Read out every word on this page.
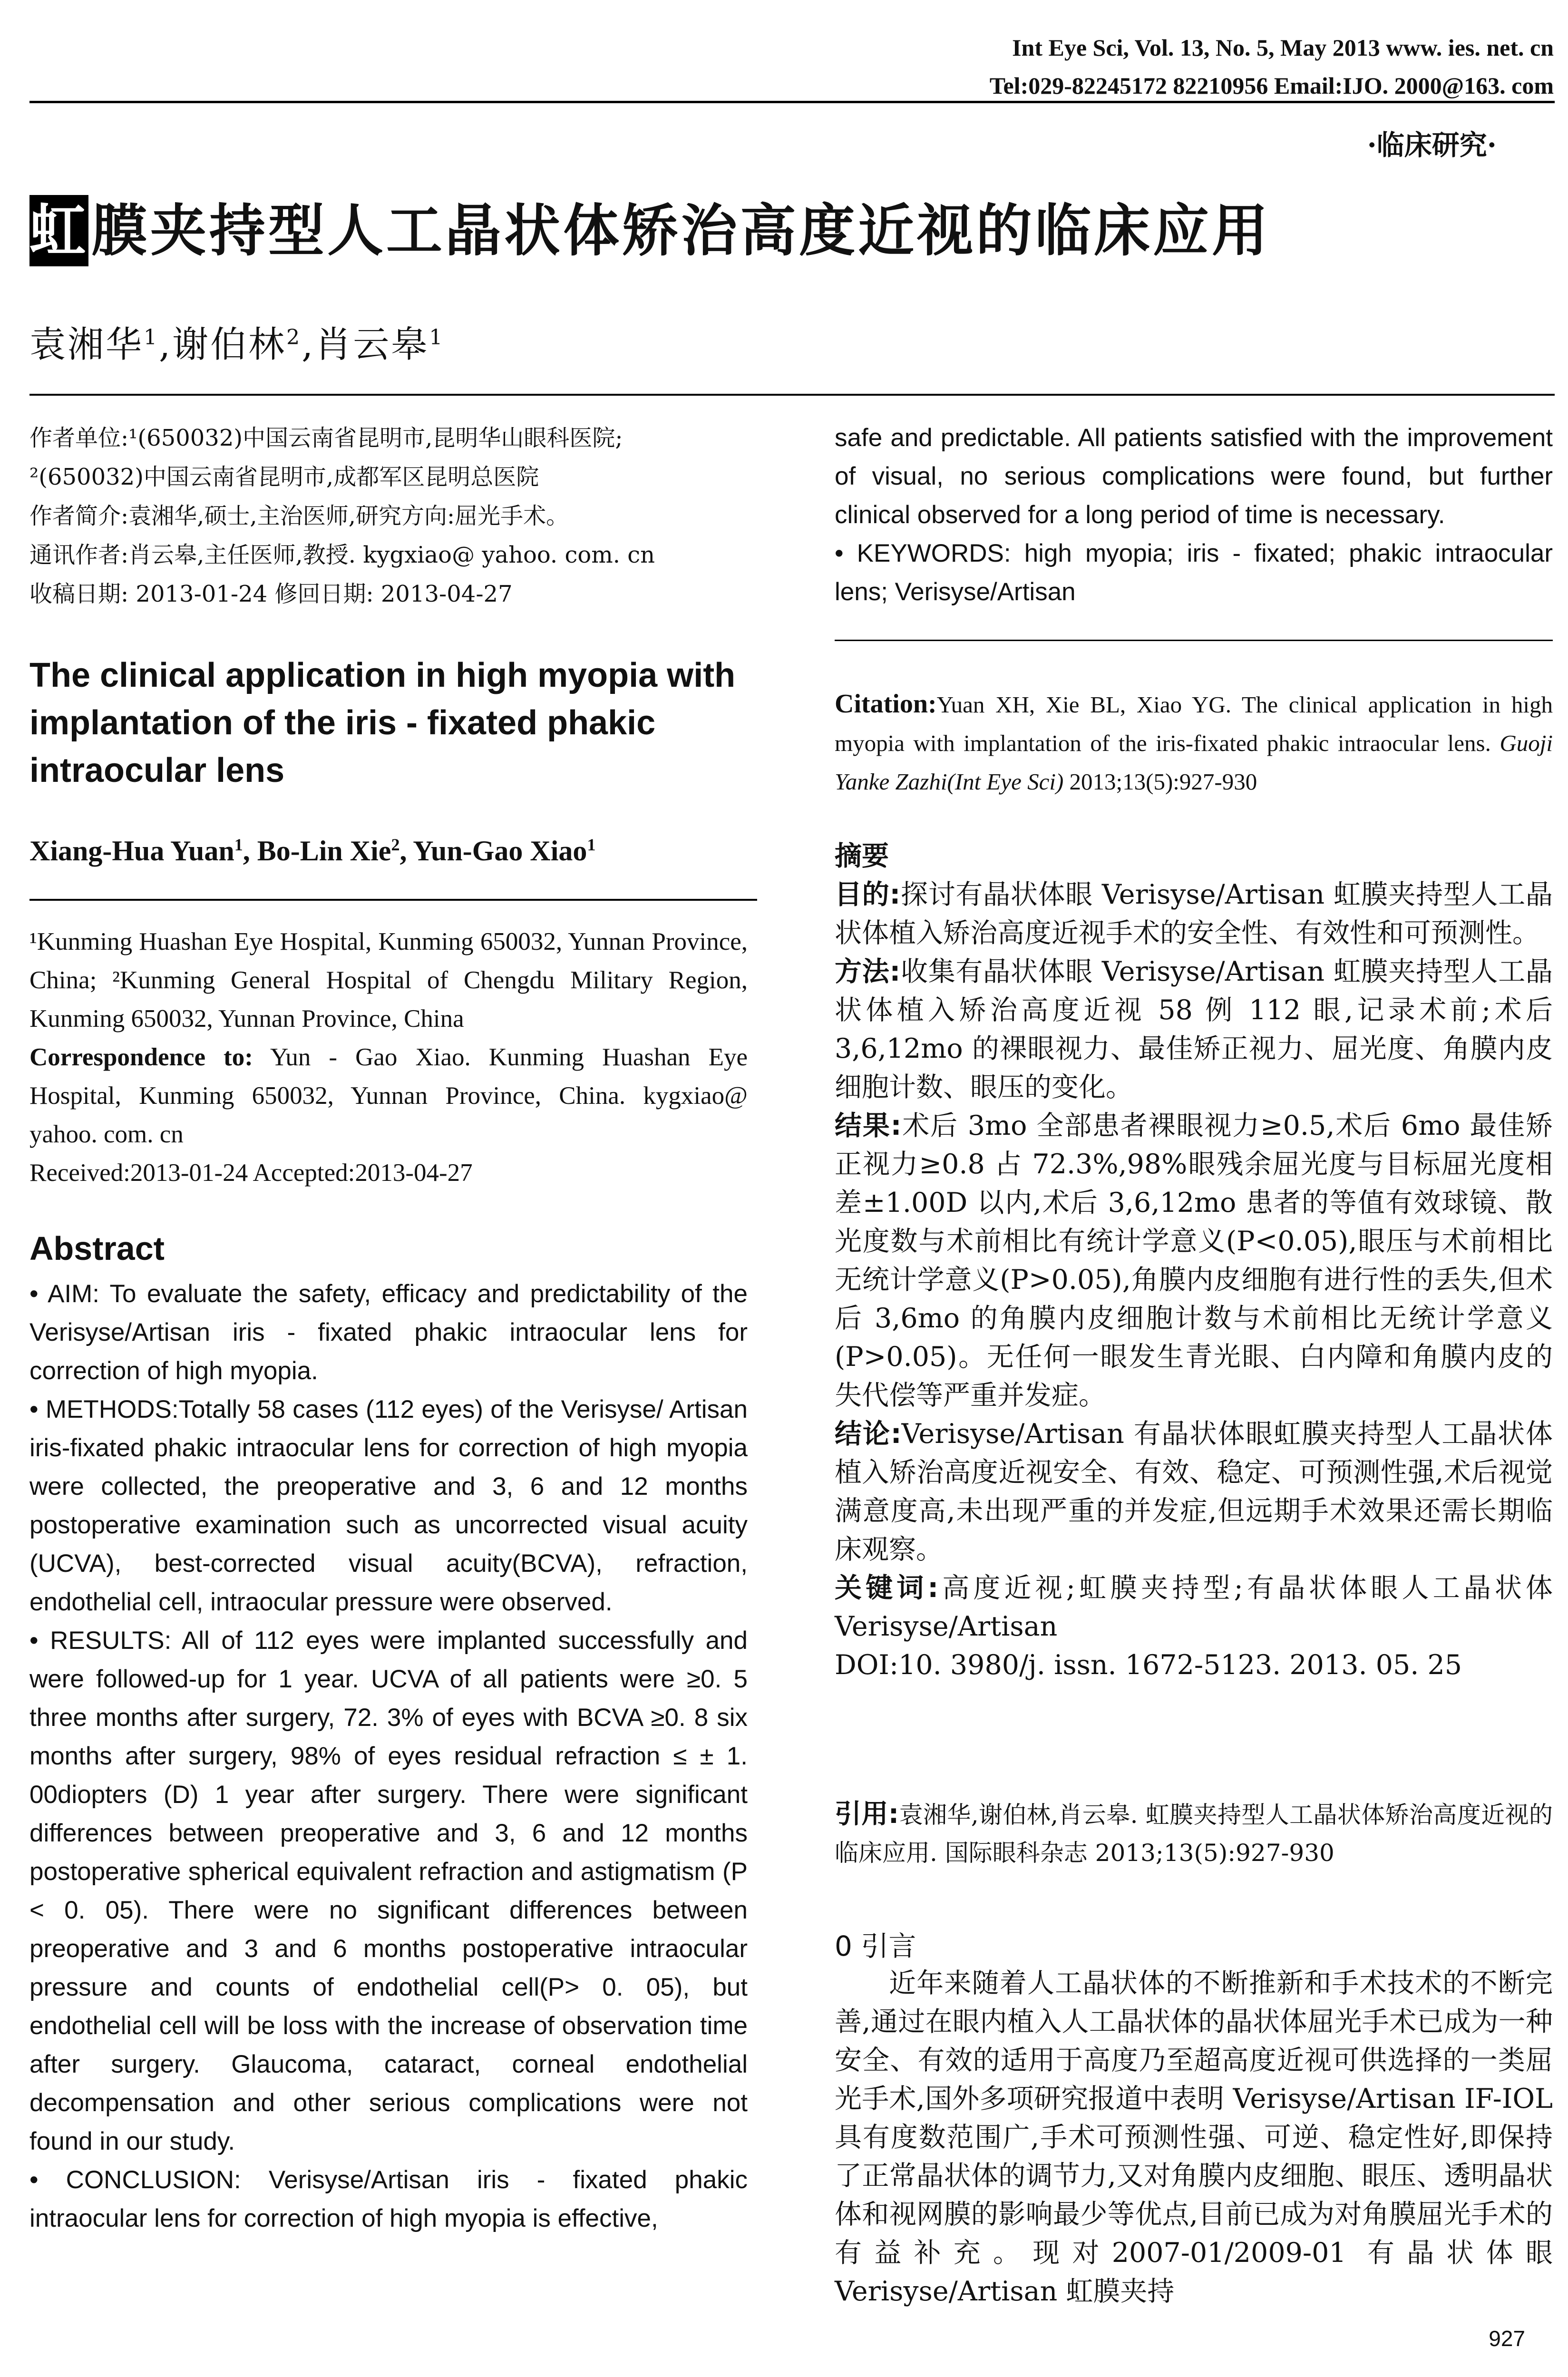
Int Eye Sci, Vol. 13, No. 5, May 2013 www. ies. net. cn
Tel:029-82245172 82210956 Email:IJO. 2000@163. com
·临床研究·
虹膜夹持型人工晶状体矫治高度近视的临床应用
袁湘华$^1$,谢伯林$^2$,肖云皋$^1$
作者单位:¹(650032)中国云南省昆明市,昆明华山眼科医院;
²(650032)中国云南省昆明市,成都军区昆明总医院
作者简介:袁湘华,硕士,主治医师,研究方向:屈光手术。
通讯作者:肖云皋,主任医师,教授. kygxiao@ yahoo. com. cn
收稿日期: 2013-01-24 修回日期: 2013-04-27
The clinical application in high myopia with implantation of the iris - fixated phakic intraocular lens
Xiang-Hua Yuan$^1$, Bo-Lin Xie$^2$, Yun-Gao Xiao$^1$

¹Kunming Huashan Eye Hospital, Kunming 650032, Yunnan Province, China; ²Kunming General Hospital of Chengdu Military Region, Kunming 650032, Yunnan Province, China

Correspondence to: Yun - Gao Xiao. Kunming Huashan Eye Hospital, Kunming 650032, Yunnan Province, China. kygxiao@ yahoo. com. cn

Received:2013-01-24 Accepted:2013-04-27

Abstract

• AIM: To evaluate the safety, efficacy and predictability of the Verisyse/Artisan iris - fixated phakic intraocular lens for correction of high myopia.

• METHODS:Totally 58 cases (112 eyes) of the Verisyse/ Artisan iris-fixated phakic intraocular lens for correction of high myopia were collected, the preoperative and 3, 6 and 12 months postoperative examination such as uncorrected visual acuity (UCVA), best-corrected visual acuity(BCVA), refraction, endothelial cell, intraocular pressure were observed.

• RESULTS: All of 112 eyes were implanted successfully and were followed-up for 1 year. UCVA of all patients were ≥0. 5 three months after surgery, 72. 3% of eyes with BCVA ≥0. 8 six months after surgery, 98% of eyes residual refraction ≤ ± 1. 00diopters (D) 1 year after surgery. There were significant differences between preoperative and 3, 6 and 12 months postoperative spherical equivalent refraction and astigmatism (P < 0. 05). There were no significant differences between preoperative and 3 and 6 months postoperative intraocular pressure and counts of endothelial cell(P> 0. 05), but endothelial cell will be loss with the increase of observation time after surgery. Glaucoma, cataract, corneal endothelial decompensation and other serious complications were not found in our study.

• CONCLUSION: Verisyse/Artisan iris - fixated phakic intraocular lens for correction of high myopia is effective,

safe and predictable. All patients satisfied with the improvement of visual, no serious complications were found, but further clinical observed for a long period of time is necessary.

• KEYWORDS: high myopia; iris - fixated; phakic intraocular lens; Verisyse/Artisan

Citation:Yuan XH, Xie BL, Xiao YG. The clinical application in high myopia with implantation of the iris-fixated phakic intraocular lens. Guoji Yanke Zazhi(Int Eye Sci) 2013;13(5):927-930

摘要

目的:探讨有晶状体眼 Verisyse/Artisan 虹膜夹持型人工晶状体植入矫治高度近视手术的安全性、有效性和可预测性。

方法:收集有晶状体眼 Verisyse/Artisan 虹膜夹持型人工晶状体植入矫治高度近视 58 例 112 眼,记录术前;术后3,6,12mo 的裸眼视力、最佳矫正视力、屈光度、角膜内皮细胞计数、眼压的变化。

结果:术后 3mo 全部患者裸眼视力≥0.5,术后 6mo 最佳矫正视力≥0.8 占 72.3%,98%眼残余屈光度与目标屈光度相差±1.00D 以内,术后 3,6,12mo 患者的等值有效球镜、散光度数与术前相比有统计学意义(P<0.05),眼压与术前相比无统计学意义(P>0.05),角膜内皮细胞有进行性的丢失,但术后 3,6mo 的角膜内皮细胞计数与术前相比无统计学意义(P>0.05)。无任何一眼发生青光眼、白内障和角膜内皮的失代偿等严重并发症。

结论:Verisyse/Artisan 有晶状体眼虹膜夹持型人工晶状体植入矫治高度近视安全、有效、稳定、可预测性强,术后视觉满意度高,未出现严重的并发症,但远期手术效果还需长期临床观察。

关键词:高度近视;虹膜夹持型;有晶状体眼人工晶状体 Verisyse/Artisan

DOI:10. 3980/j. issn. 1672-5123. 2013. 05. 25

引用:袁湘华,谢伯林,肖云皋. 虹膜夹持型人工晶状体矫治高度近视的临床应用. 国际眼科杂志 2013;13(5):927-930
0 引言
近年来随着人工晶状体的不断推新和手术技术的不断完善,通过在眼内植入人工晶状体的晶状体屈光手术已成为一种安全、有效的适用于高度乃至超高度近视可供选择的一类屈光手术,国外多项研究报道中表明 Verisyse/Artisan IF-IOL 具有度数范围广,手术可预测性强、可逆、稳定性好,即保持了正常晶状体的调节力,又对角膜内皮细胞、眼压、透明晶状体和视网膜的影响最少等优点,目前已成为对角膜屈光手术的有益补充。现对2007-01/2009-01 有晶状体眼 Verisyse/Artisan 虹膜夹持
927
